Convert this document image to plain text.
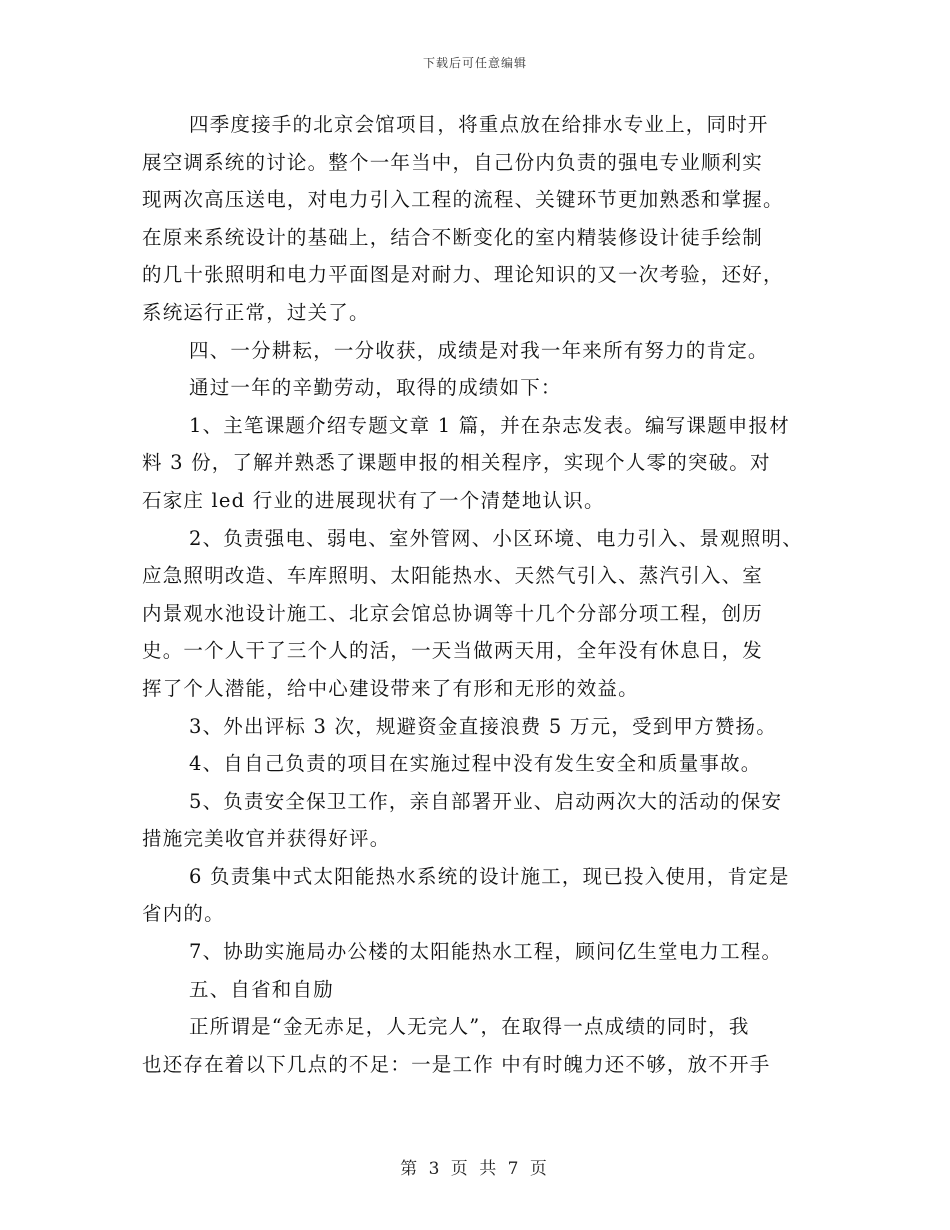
下载后可任意编辑
四季度接手的北京会馆项目，将重点放在给排水专业上，同时开
展空调系统的讨论。整个一年当中，自己份内负责的强电专业顺利实
现两次高压送电，对电力引入工程的流程、关键环节更加熟悉和掌握。
在原来系统设计的基础上，结合不断变化的室内精装修设计徒手绘制
的几十张照明和电力平面图是对耐力、理论知识的又一次考验，还好，
系统运行正常，过关了。
四、一分耕耘，一分收获，成绩是对我一年来所有努力的肯定。
通过一年的辛勤劳动，取得的成绩如下：
1、主笔课题介绍专题文章 1 篇，并在杂志发表。编写课题申报材
料 3 份，了解并熟悉了课题申报的相关程序，实现个人零的突破。对
石家庄 led 行业的进展现状有了一个清楚地认识。
2、负责强电、弱电、室外管网、小区环境、电力引入、景观照明、
应急照明改造、车库照明、太阳能热水、天然气引入、蒸汽引入、室
内景观水池设计施工、北京会馆总协调等十几个分部分项工程，创历
史。一个人干了三个人的活，一天当做两天用，全年没有休息日，发
挥了个人潜能，给中心建设带来了有形和无形的效益。
3、外出评标 3 次，规避资金直接浪费 5 万元，受到甲方赞扬。
4、自自己负责的项目在实施过程中没有发生安全和质量事故。
5、负责安全保卫工作，亲自部署开业、启动两次大的活动的保安
措施完美收官并获得好评。
6 负责集中式太阳能热水系统的设计施工，现已投入使用，肯定是
省内的。
7、协助实施局办公楼的太阳能热水工程，顾问亿生堂电力工程。
五、自省和自励
正所谓是“金无赤足，人无完人”，在取得一点成绩的同时，我
也还存在着以下几点的不足：一是工作 中有时魄力还不够，放不开手
第 3 页 共 7 页
